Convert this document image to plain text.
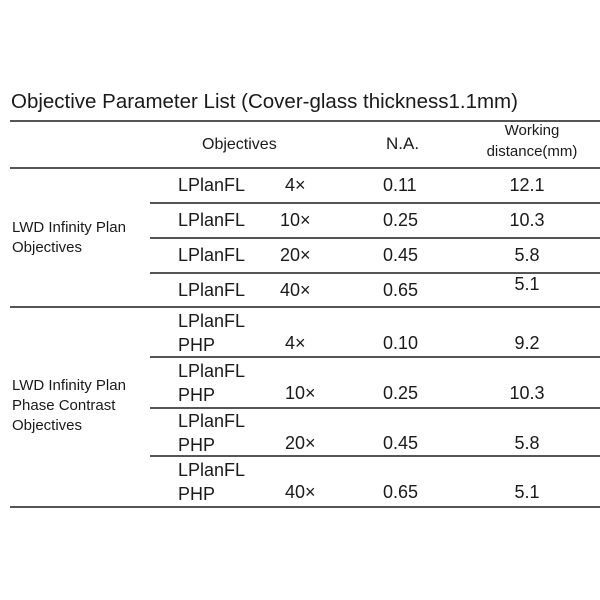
Objective Parameter List (Cover-glass thickness1.1mm)
Objectives	N.A.
Working
distance(mm)
LWD Infinity Plan
Objectives
LPlanFL 4×	0.11	12.1
LPlanFL 10×	0.25	10.3
LPlanFL 20×	0.45	5.8
LPlanFL 40×	0.65	5.1
LWD Infinity Plan
Phase Contrast
Objectives
LPlanFL
PHP	4×	0.10	9.2
LPlanFL
PHP	10×	0.25	10.3
LPlanFL
PHP	20×	0.45	5.8
LPlanFL
PHP	40×	0.65	5.1
